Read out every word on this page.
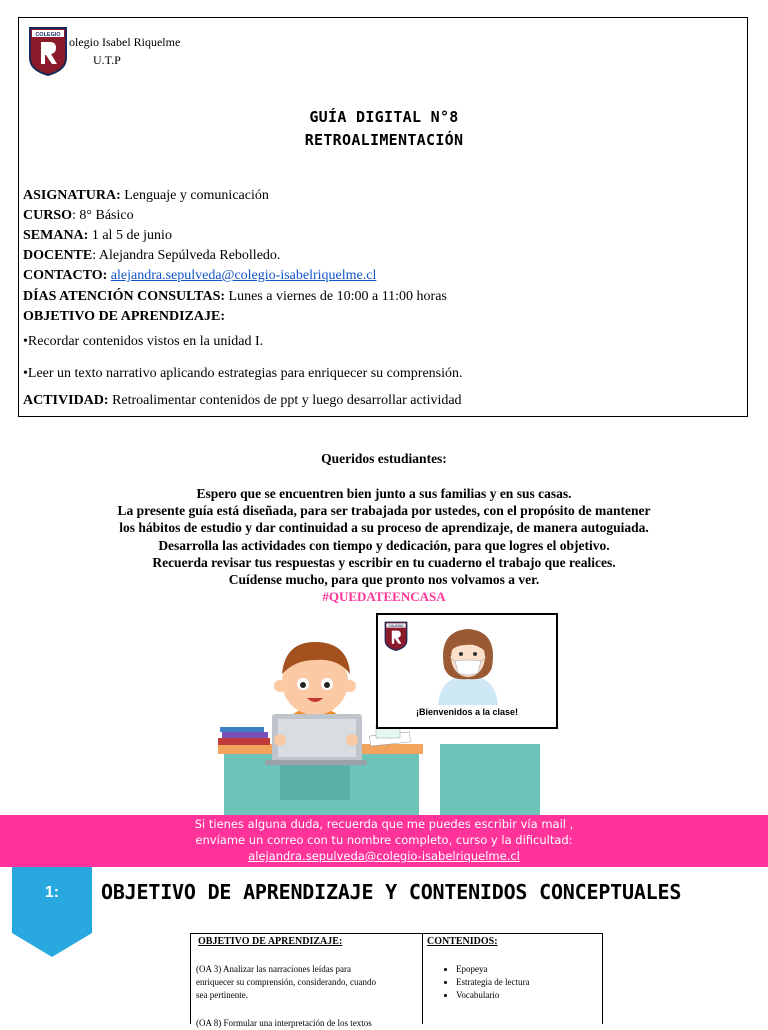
COLEGIO olegio Isabel Riquelme
U.T.P
GUÍA DIGITAL N°8
RETROALIMENTACIÓN
ASIGNATURA: Lenguaje y comunicación
CURSO: 8° Básico
SEMANA: 1 al 5 de junio
DOCENTE: Alejandra Sepúlveda Rebolledo.
CONTACTO: alejandra.sepulveda@colegio-isabelriquelme.cl
DÍAS ATENCIÓN CONSULTAS: Lunes a viernes de 10:00 a 11:00 horas
OBJETIVO DE APRENDIZAJE:
•Recordar contenidos vistos en la unidad I.
•Leer un texto narrativo aplicando estrategias para enriquecer su comprensión.
ACTIVIDAD: Retroalimentar contenidos de ppt y luego desarrollar actividad
Queridos estudiantes:
Espero que se encuentren bien junto a sus familias y en sus casas.
La presente guía está diseñada, para ser trabajada por ustedes, con el propósito de mantener
los hábitos de estudio y dar continuidad a su proceso de aprendizaje, de manera autoguiada.
Desarrolla las actividades con tiempo y dedicación, para que logres el objetivo.
Recuerda revisar tus respuestas y escribir en tu cuaderno el trabajo que realices.
Cuídense mucho, para que pronto nos volvamos a ver.
#QUEDATEENCASA
COLEGIO
¡Bienvenidos a la clase!
Si tienes alguna duda, recuerda que me puedes escribir vía mail ,
envíame un correo con tu nombre completo, curso y la dificultad:
alejandra.sepulveda@colegio-isabelriquelme.cl
1:	OBJETIVO DE APRENDIZAJE Y CONTENIDOS CONCEPTUALES
OBJETIVO DE APRENDIZAJE:	CONTENIDOS:
(OA 3) Analizar las narraciones leídas para
enriquecer su comprensión, considerando, cuando
sea pertinente.
(OA 8) Formular una interpretación de los textos
• Epopeya
• Estrategia de lectura
• Vocabulario
